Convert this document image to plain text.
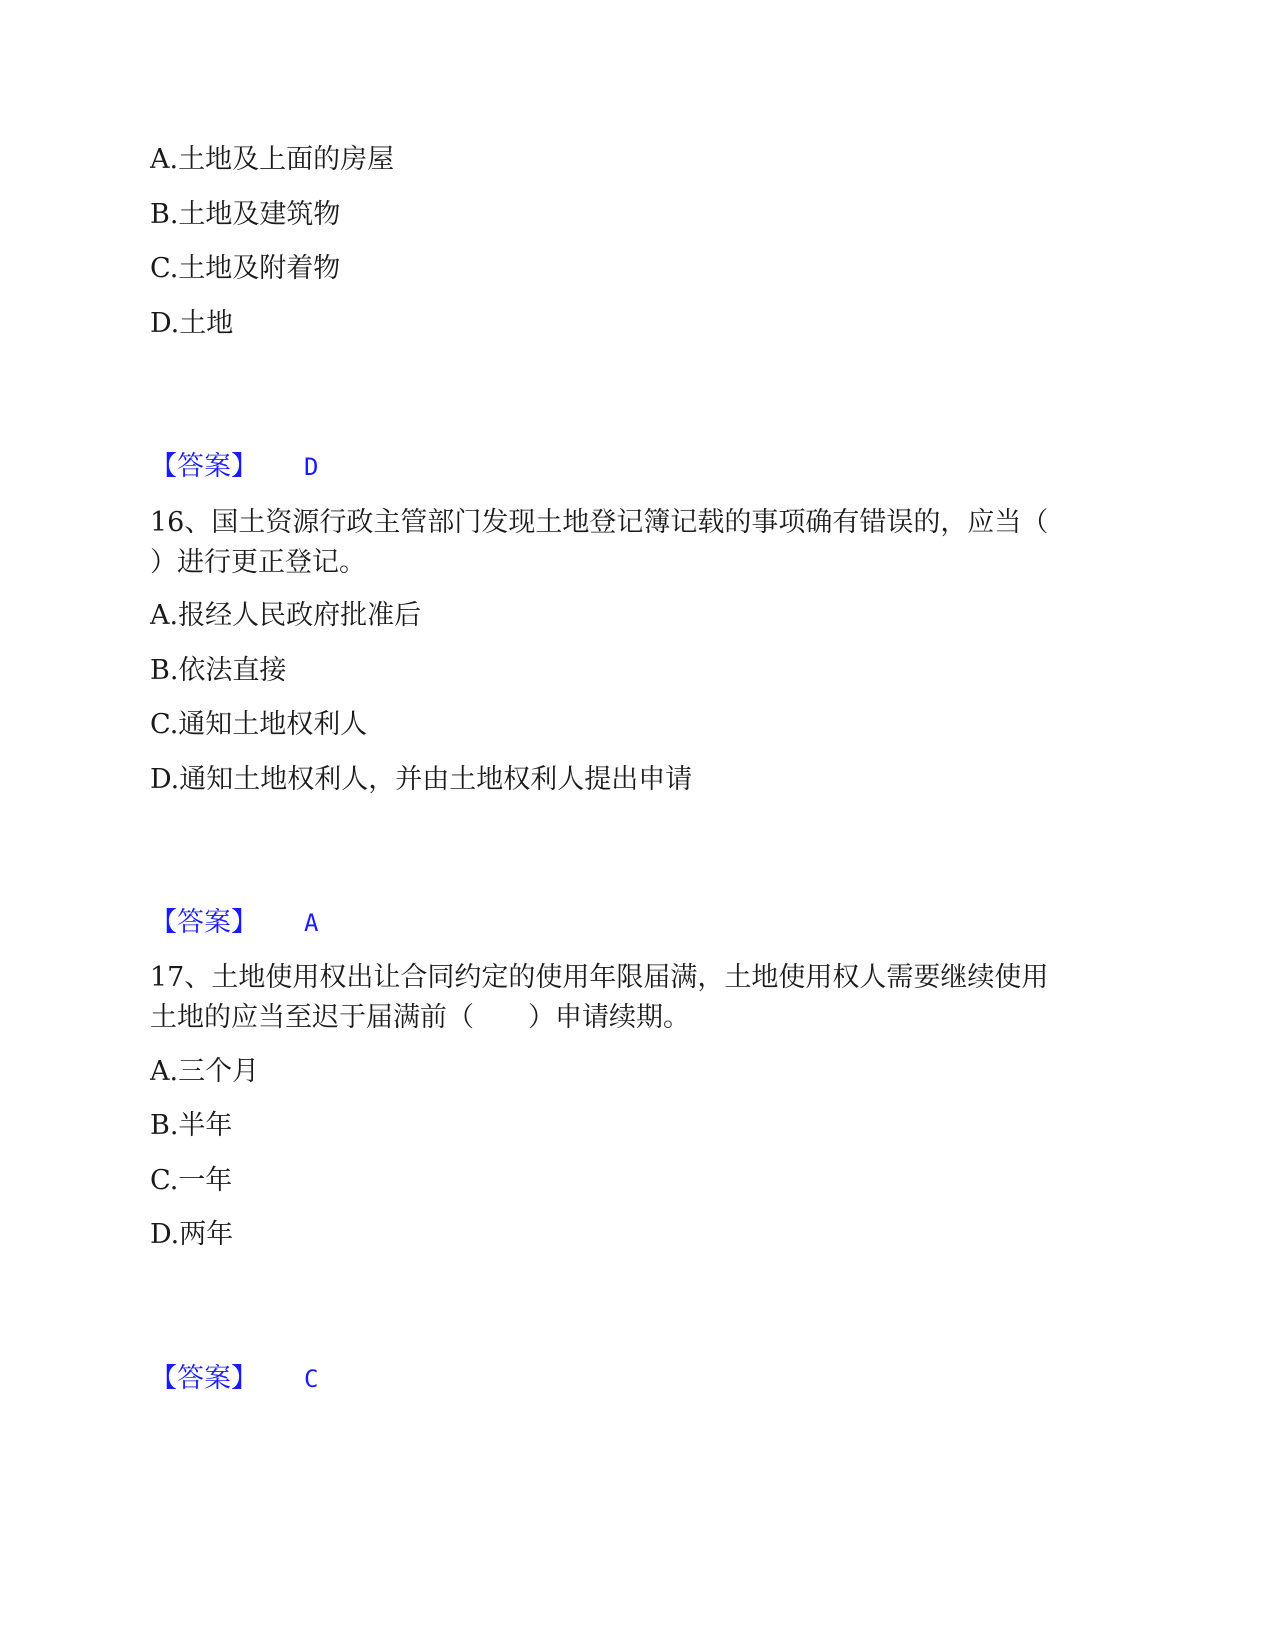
A.土地及上面的房屋
B.土地及建筑物
C.土地及附着物
D.土地
【答案】 D
16、国土资源行政主管部门发现土地登记簿记载的事项确有错误的，应当（
）进行更正登记。
A.报经人民政府批准后
B.依法直接
C.通知土地权利人
D.通知土地权利人，并由土地权利人提出申请
【答案】 A
17、土地使用权出让合同约定的使用年限届满，土地使用权人需要继续使用
土地的应当至迟于届满前（　　）申请续期。
A.三个月
B.半年
C.一年
D.两年
【答案】 C
